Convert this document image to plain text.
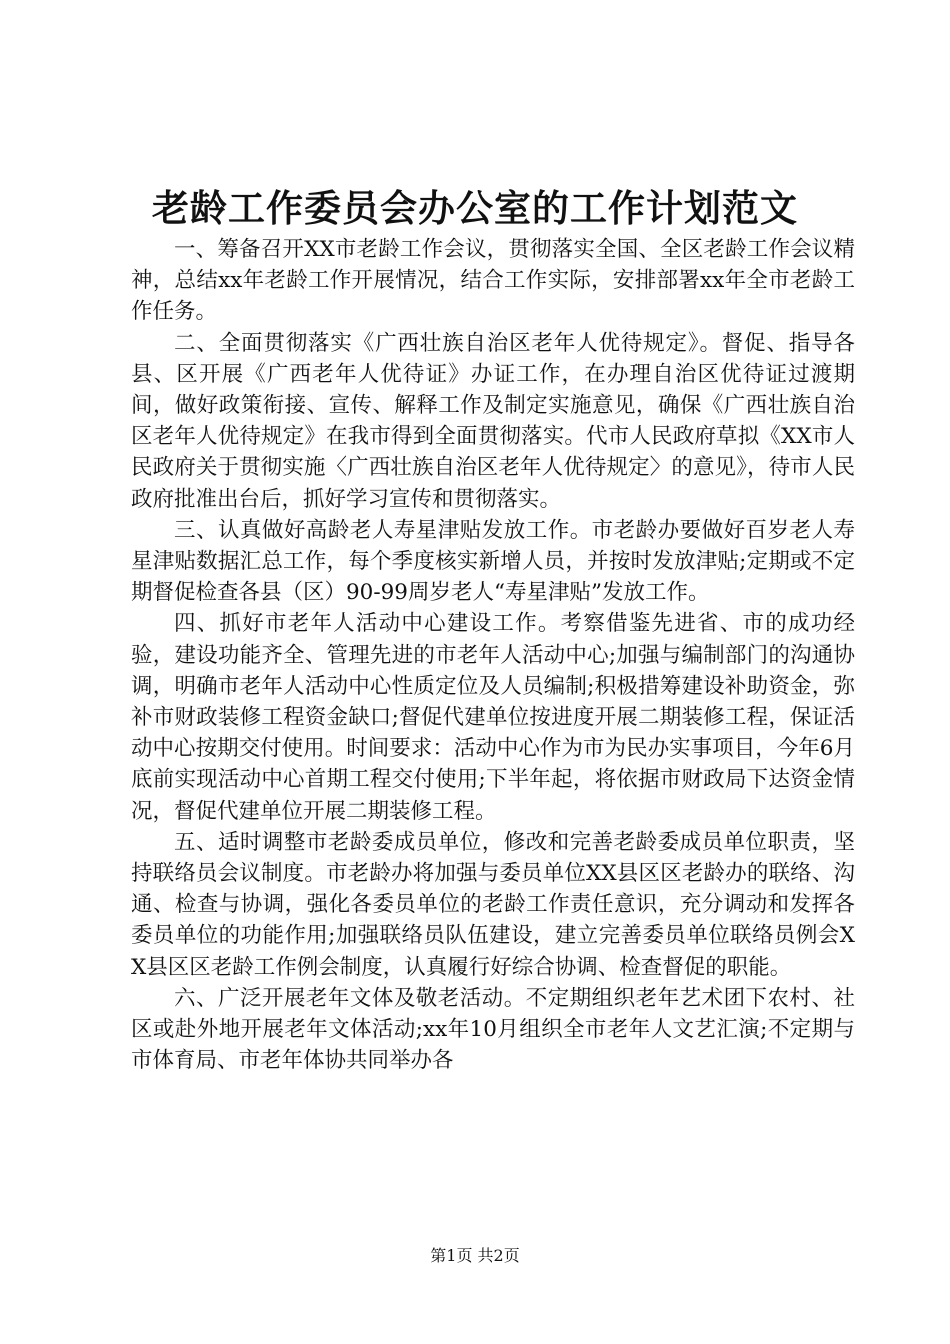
老龄工作委员会办公室的工作计划范文

一、筹备召开XX市老龄工作会议，贯彻落实全国、全区老龄工作会议精神，总结xx年老龄工作开展情况，结合工作实际，安排部署xx年全市老龄工作任务。

二、全面贯彻落实《广西壮族自治区老年人优待规定》。督促、指导各县、区开展《广西老年人优待证》办证工作，在办理自治区优待证过渡期间，做好政策衔接、宣传、解释工作及制定实施意见，确保《广西壮族自治区老年人优待规定》在我市得到全面贯彻落实。代市人民政府草拟《XX市人民政府关于贯彻实施〈广西壮族自治区老年人优待规定〉的意见》，待市人民政府批准出台后，抓好学习宣传和贯彻落实。

三、认真做好高龄老人寿星津贴发放工作。市老龄办要做好百岁老人寿星津贴数据汇总工作，每个季度核实新增人员，并按时发放津贴;定期或不定期督促检查各县（区）90-99周岁老人“寿星津贴”发放工作。

四、抓好市老年人活动中心建设工作。考察借鉴先进省、市的成功经验，建设功能齐全、管理先进的市老年人活动中心;加强与编制部门的沟通协调，明确市老年人活动中心性质定位及人员编制;积极措筹建设补助资金，弥补市财政装修工程资金缺口;督促代建单位按进度开展二期装修工程，保证活动中心按期交付使用。时间要求：活动中心作为市为民办实事项目，今年6月底前实现活动中心首期工程交付使用;下半年起，将依据市财政局下达资金情况，督促代建单位开展二期装修工程。

五、适时调整市老龄委成员单位，修改和完善老龄委成员单位职责，坚持联络员会议制度。市老龄办将加强与委员单位XX县区区老龄办的联络、沟通、检查与协调，强化各委员单位的老龄工作责任意识，充分调动和发挥各委员单位的功能作用;加强联络员队伍建设，建立完善委员单位联络员例会XX县区区老龄工作例会制度，认真履行好综合协调、检查督促的职能。

六、广泛开展老年文体及敬老活动。不定期组织老年艺术团下农村、社区或赴外地开展老年文体活动;xx年10月组织全市老年人文艺汇演;不定期与市体育局、市老年体协共同举办各

第1页 共2页
